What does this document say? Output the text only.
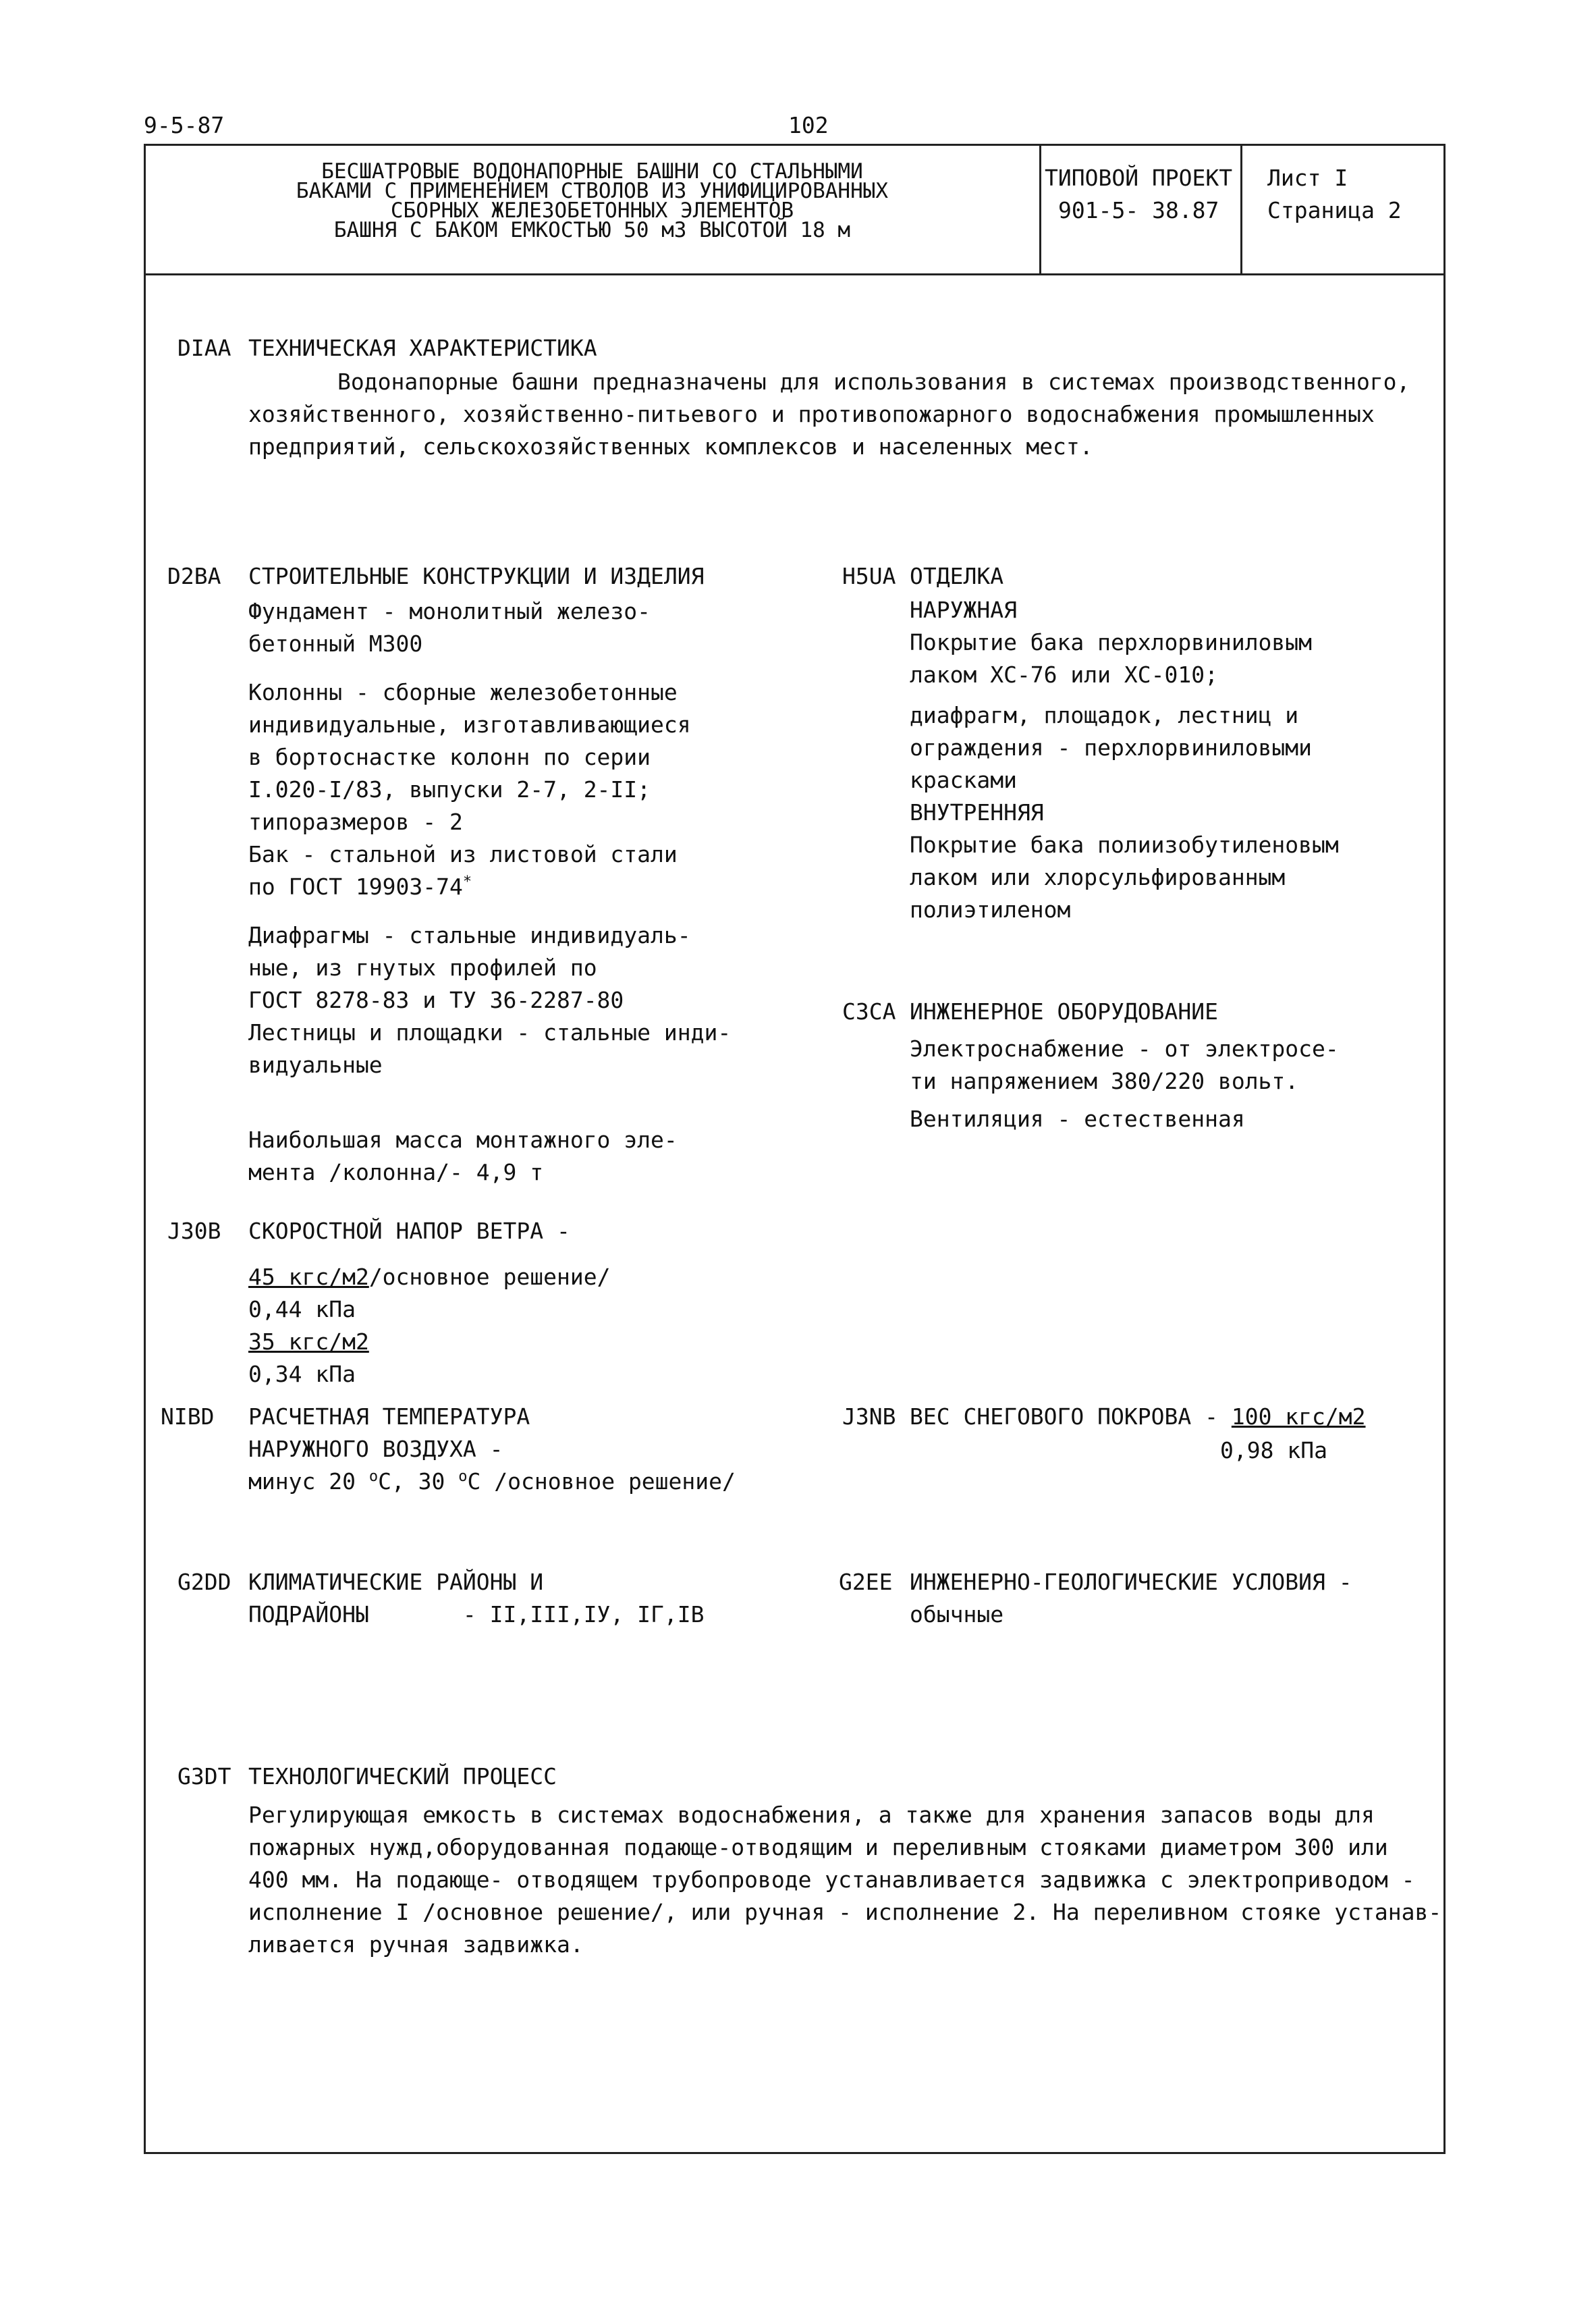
9-5-87	102
БЕСШАТРОВЫЕ ВОДОНАПОРНЫЕ БАШНИ СО СТАЛЬНЫМИ
БАКАМИ С ПРИМЕНЕНИЕМ СТВОЛОВ ИЗ УНИФИЦИРОВАННЫХ
СБОРНЫХ ЖЕЛЕЗОБЕТОННЫХ ЭЛЕМЕНТОВ
БАШНЯ С БАКОМ ЕМКОСТЬЮ 50 м3 ВЫСОТОЙ 18 м
ТИПОВОЙ ПРОЕКТ
901-5- 38.87
Лист I
Страница 2
DIAA ТЕХНИЧЕСКАЯ ХАРАКТЕРИСТИКА
Водонапорные башни предназначены для использования в системах производственного,
хозяйственного, хозяйственно-питьевого и противопожарного водоснабжения промышленных
предприятий, сельскохозяйственных комплексов и населенных мест.
D2BA СТРОИТЕЛЬНЫЕ КОНСТРУКЦИИ И ИЗДЕЛИЯ
Фундамент - монолитный железо-
бетонный М300
Колонны - сборные железобетонные
индивидуальные, изготавливающиеся
в бортоснастке колонн по серии
I.020-I/83, выпуски 2-7, 2-II;
типоразмеров - 2
Бак - стальной из листовой стали
по ГОСТ 19903-74*
Диафрагмы - стальные индивидуаль-
ные, из гнутых профилей по
ГОСТ 8278-83 и ТУ 36-2287-80
Лестницы и площадки - стальные инди-
видуальные
Наибольшая масса монтажного эле-
мента /колонна/- 4,9 т
H5UA ОТДЕЛКА
НАРУЖНАЯ
Покрытие бака перхлорвиниловым
лаком ХС-76 или ХС-010;
диафрагм, площадок, лестниц и
ограждения - перхлорвиниловыми
красками
ВНУТРЕННЯЯ
Покрытие бака полиизобутиленовым
лаком или хлорсульфированным
полиэтиленом
C3CA ИНЖЕНЕРНОЕ ОБОРУДОВАНИЕ
Электроснабжение - от электросе-
ти напряжением 380/220 вольт.
Вентиляция - естественная
J30B СКОРОСТНОЙ НАПОР ВЕТРА -
45 кгс/м2/основное решение/
0,44 кПа
35 кгс/м2
0,34 кПа
NIBD РАСЧЕТНАЯ ТЕМПЕРАТУРА
НАРУЖНОГО ВОЗДУХА -
минус 20 $^o$С, 30 $^o$С /основное решение/
J3NB ВЕС СНЕГОВОГО ПОКРОВА - 100 кгс/м2
0,98 кПа
G2DD КЛИМАТИЧЕСКИЕ РАЙОНЫ И
ПОДРАЙОНЫ       - II,III,IУ, IГ,IВ
G2EE ИНЖЕНЕРНО-ГЕОЛОГИЧЕСКИЕ УСЛОВИЯ -
обычные
G3DT ТЕХНОЛОГИЧЕСКИЙ ПРОЦЕСС
Регулирующая емкость в системах водоснабжения, а также для хранения запасов воды для
пожарных нужд,оборудованная подающе-отводящим и переливным стояками диаметром 300 или
400 мм. На подающе- отводящем трубопроводе устанавливается задвижка с электроприводом -
исполнение I /основное решение/, или ручная - исполнение 2. На переливном стояке устанав-
ливается ручная задвижка.
